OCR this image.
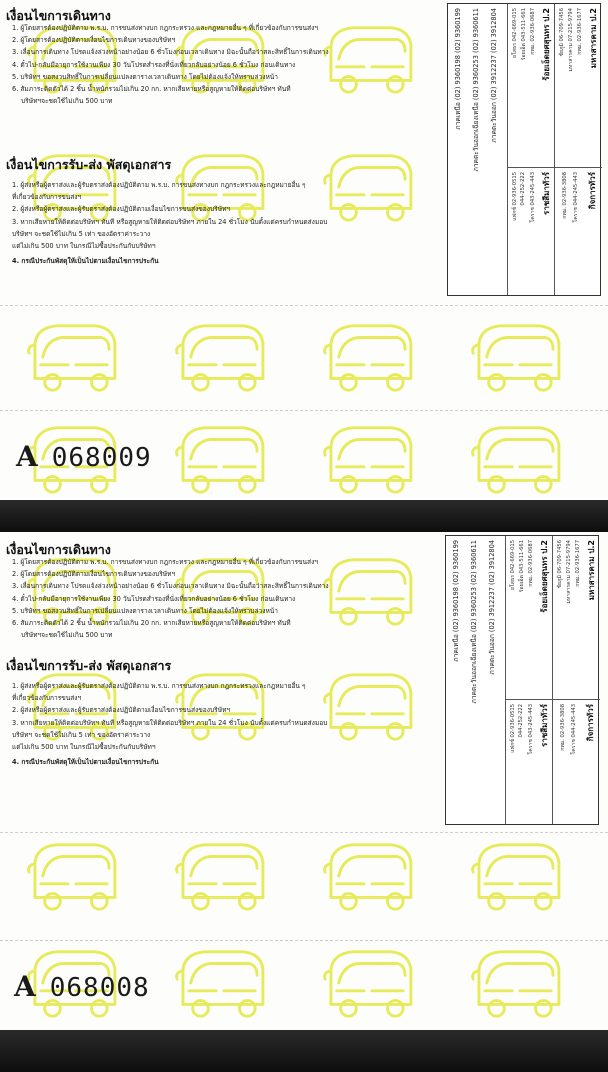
เงื่อนไขการเดินทาง
1. ผู้โดยสารต้องปฏิบัติตาม พ.ร.บ. การขนส่งทางบก กฎกระทรวง และกฎหมายอื่น ๆ ที่เกี่ยวข้องกับการขนส่งฯ
2. ผู้โดยสารต้องปฏิบัติตามเงื่อนไขการเดินทางของบริษัทฯ
3. เลื่อนการเดินทาง โปรดแจ้งล่วงหน้าอย่างน้อย 6 ชั่วโมงก่อนเวลาเดินทาง มิฉะนั้นถือว่าสละสิทธิ์ในการเดินทาง
4. ตั๋วไป-กลับมีอายุการใช้งานเพียง 30 วันโปรดสำรองที่นั่งเที่ยวกลับอย่างน้อย 6 ชั่วโมง ก่อนเดินทาง
5. บริษัทฯ ขอสงวนสิทธิ์ในการเปลี่ยนแปลงตารางเวลาเดินทาง โดยไม่ต้องแจ้งให้ทราบล่วงหน้า
6. สัมภาระติดตัวได้ 2 ชิ้น น้ำหนักรวมไม่เกิน 20 กก. หากเสียหายหรือสูญหายให้ติดต่อบริษัทฯ ทันที
บริษัทฯจะชดใช้ไม่เกิน 500 บาท
เงื่อนไขการรับ-ส่ง พัสดุเอกสาร
1. ผู้ส่งหรือผู้ตราส่งและผู้รับตราส่งต้องปฏิบัติตาม พ.ร.บ. การขนส่งทางบก กฎกระทรวงและกฎหมายอื่น ๆ
ที่เกี่ยวข้องกับการขนส่งฯ
2. ผู้ส่งหรือผู้ตราส่งและผู้รับตราส่งต้องปฏิบัติตามเงื่อนไขการขนส่งของบริษัทฯ
3. หากเสียหายให้ติดต่อบริษัทฯ ทันที หรือสูญหายให้ติดต่อบริษัทฯ ภายใน 24 ชั่วโมง นับตั้งแต่ครบกำหนดส่งมอบ
บริษัทฯ จะชดใช้ไม่เกิน 5 เท่า ของอัตราค่าระวาง
แต่ไม่เกิน 500 บาท ในกรณีไม่ซื้อประกันกับบริษัทฯ
4. กรณีประกันพัสดุให้เป็นไปตามเงื่อนไขการประกัน
ภาคเหนือ (02) 9360198 (02) 9360199	ภาคตะวันออกเฉียงเหนือ (02) 9360253 (02) 9360611	ภาคตะวันออก (02) 3912237 (02) 3912804
แฟกซ์ 02-936-0515 044-252-222 โคราช 043-245-443 ราชสีมาทัวร์	กทม. 02-936-3808 โคราช 044-245-443 กิจการทัวร์
ยโสธร 042-669-015 ร้อยเอ็ด 043-511-661 กทม. 02-936-0687 ร้อยเอ็ดยศสุนทร ป.2	ชัยภูมิ 06-709-7456 มหาสารคาม 07-215-9794 กทม. 02-936-1677 มหาสารคาม ป.2
A 068009
เงื่อนไขการเดินทาง
1. ผู้โดยสารต้องปฏิบัติตาม พ.ร.บ. การขนส่งทางบก กฎกระทรวง และกฎหมายอื่น ๆ ที่เกี่ยวข้องกับการขนส่งฯ
2. ผู้โดยสารต้องปฏิบัติตามเงื่อนไขการเดินทางของบริษัทฯ
3. เลื่อนการเดินทาง โปรดแจ้งล่วงหน้าอย่างน้อย 6 ชั่วโมงก่อนเวลาเดินทาง มิฉะนั้นถือว่าสละสิทธิ์ในการเดินทาง
4. ตั๋วไป-กลับมีอายุการใช้งานเพียง 30 วันโปรดสำรองที่นั่งเที่ยวกลับอย่างน้อย 6 ชั่วโมง ก่อนเดินทาง
5. บริษัทฯ ขอสงวนสิทธิ์ในการเปลี่ยนแปลงตารางเวลาเดินทาง โดยไม่ต้องแจ้งให้ทราบล่วงหน้า
6. สัมภาระติดตัวได้ 2 ชิ้น น้ำหนักรวมไม่เกิน 20 กก. หากเสียหายหรือสูญหายให้ติดต่อบริษัทฯ ทันที
บริษัทฯจะชดใช้ไม่เกิน 500 บาท
เงื่อนไขการรับ-ส่ง พัสดุเอกสาร
1. ผู้ส่งหรือผู้ตราส่งและผู้รับตราส่งต้องปฏิบัติตาม พ.ร.บ. การขนส่งทางบก กฎกระทรวงและกฎหมายอื่น ๆ
ที่เกี่ยวข้องกับการขนส่งฯ
2. ผู้ส่งหรือผู้ตราส่งและผู้รับตราส่งต้องปฏิบัติตามเงื่อนไขการขนส่งของบริษัทฯ
3. หากเสียหายให้ติดต่อบริษัทฯ ทันที หรือสูญหายให้ติดต่อบริษัทฯ ภายใน 24 ชั่วโมง นับตั้งแต่ครบกำหนดส่งมอบ
บริษัทฯ จะชดใช้ไม่เกิน 5 เท่า ของอัตราค่าระวาง
แต่ไม่เกิน 500 บาท ในกรณีไม่ซื้อประกันกับบริษัทฯ
4. กรณีประกันพัสดุให้เป็นไปตามเงื่อนไขการประกัน
ภาคเหนือ (02) 9360198 (02) 9360199	ภาคตะวันออกเฉียงเหนือ (02) 9360253 (02) 9360611	ภาคตะวันออก (02) 3912237 (02) 3912804
แฟกซ์ 02-936-0515 044-252-222 โคราช 043-245-443 ราชสีมาทัวร์	กทม. 02-936-3808 โคราช 044-245-443 กิจการทัวร์
ยโสธร 042-669-015 ร้อยเอ็ด 043-511-661 กทม. 02-936-0687 ร้อยเอ็ดยศสุนทร ป.2	ชัยภูมิ 06-709-7456 มหาสารคาม 07-215-9794 กทม. 02-936-1677 มหาสารคาม ป.2
A 068008
